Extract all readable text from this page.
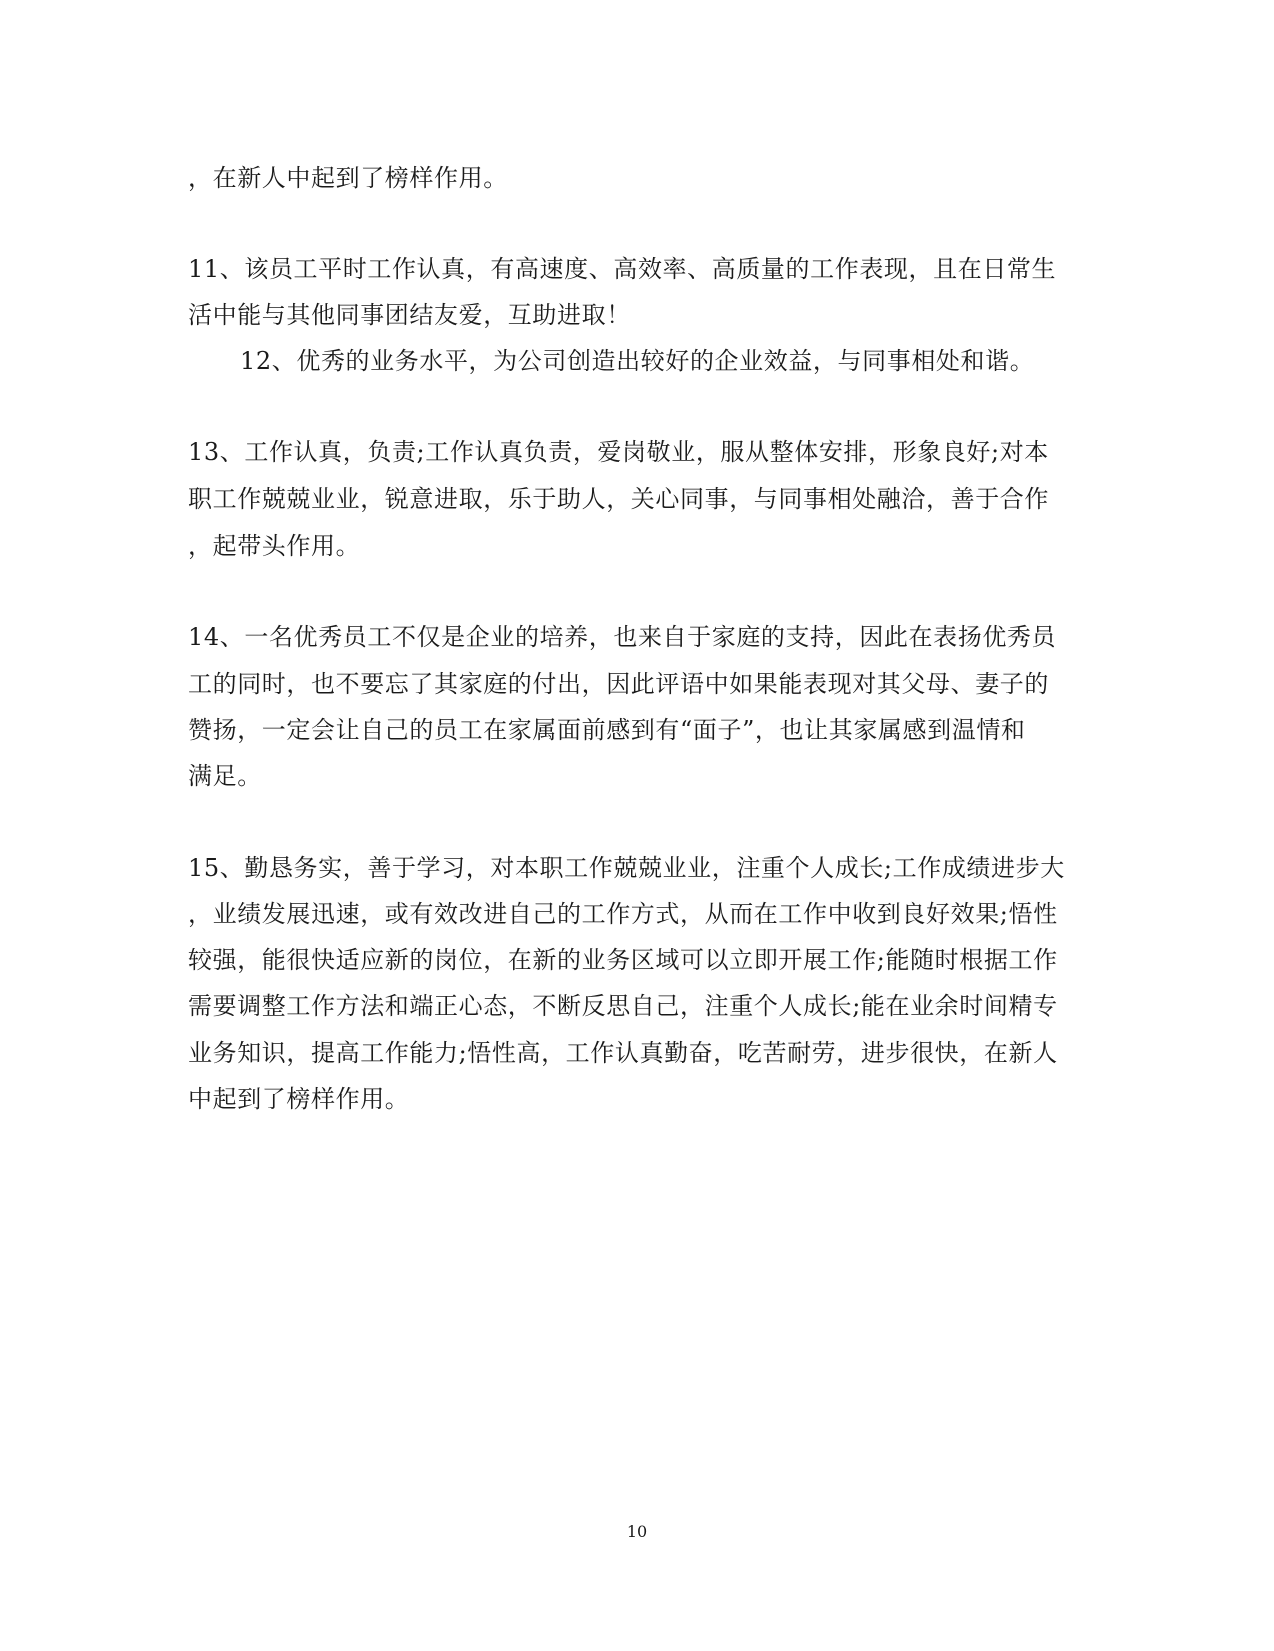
，在新人中起到了榜样作用。
11、该员工平时工作认真，有高速度、高效率、高质量的工作表现，且在日常生
活中能与其他同事团结友爱，互助进取！
12、优秀的业务水平，为公司创造出较好的企业效益，与同事相处和谐。
13、工作认真，负责;工作认真负责，爱岗敬业，服从整体安排，形象良好;对本
职工作兢兢业业，锐意进取，乐于助人，关心同事，与同事相处融洽，善于合作
，起带头作用。
14、一名优秀员工不仅是企业的培养，也来自于家庭的支持，因此在表扬优秀员
工的同时，也不要忘了其家庭的付出，因此评语中如果能表现对其父母、妻子的
赞扬，一定会让自己的员工在家属面前感到有“面子”，也让其家属感到温情和
满足。
15、勤恳务实，善于学习，对本职工作兢兢业业，注重个人成长;工作成绩进步大
，业绩发展迅速，或有效改进自己的工作方式，从而在工作中收到良好效果;悟性
较强，能很快适应新的岗位，在新的业务区域可以立即开展工作;能随时根据工作
需要调整工作方法和端正心态，不断反思自己，注重个人成长;能在业余时间精专
业务知识，提高工作能力;悟性高，工作认真勤奋，吃苦耐劳，进步很快，在新人
中起到了榜样作用。
10
